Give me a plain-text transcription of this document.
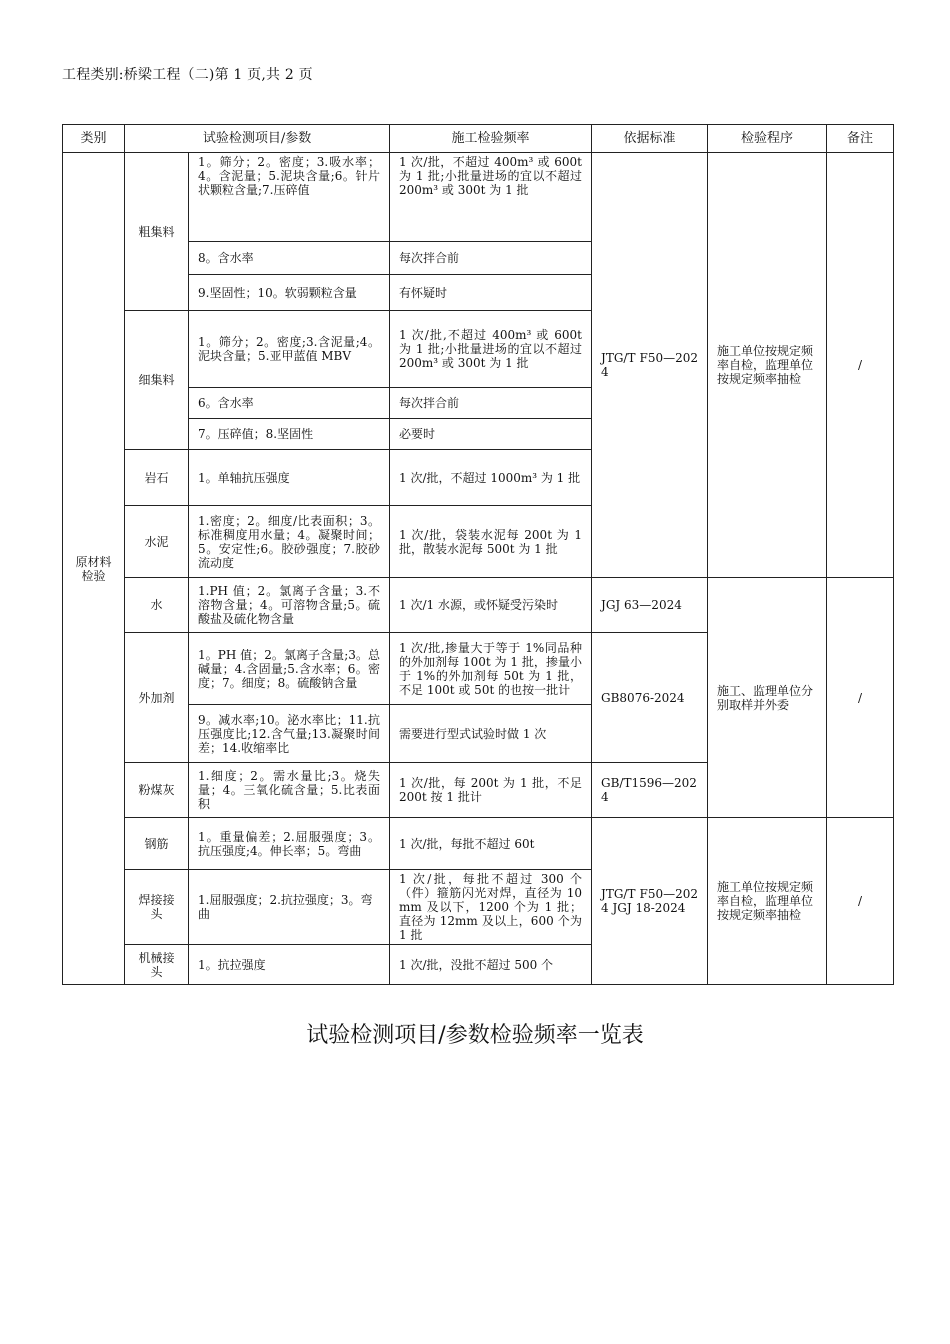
工程类别:桥梁工程（二)第 1 页,共 2 页
类别	试验检测项目/参数		施工检验频率	依据标准	检验程序	备注
原材料检验	粗集料	1。筛分；2。密度；3.吸水率；4。含泥量；5.泥块含量;6。针片状颗粒含量;7.压碎值	1 次/批，不超过 400m³ 或 600t 为 1 批;小批量进场的宜以不超过 200m³ 或 300t 为 1 批	JTG/T F50—2024	施工单位按规定频率自检，监理单位按规定频率抽检	/
		8。含水率	每次拌合前			
		9.坚固性；10。软弱颗粒含量	有怀疑时			
	细集料	1。筛分；2。密度;3.含泥量;4。泥块含量；5.亚甲蓝值 MBV	1 次/批,不超过 400m³ 或 600t 为 1 批;小批量进场的宜以不超过 200m³ 或 300t 为 1 批			
		6。含水率	每次拌合前			
		7。压碎值；8.坚固性	必要时			
	岩石	1。单轴抗压强度	1 次/批，不超过 1000m³ 为 1 批			
	水泥	1.密度；2。细度/比表面积；3。标准稠度用水量；4。凝聚时间；5。安定性;6。胶砂强度；7.胶砂流动度	1 次/批，袋装水泥每 200t 为 1 批，散装水泥每 500t 为 1 批			
	水	1.PH 值；2。氯离子含量；3.不溶物含量；4。可溶物含量;5。硫酸盐及硫化物含量	1 次/1 水源，或怀疑受污染时	JGJ 63—2024	施工、监理单位分别取样并外委	/
	外加剂	1。PH 值；2。氯离子含量;3。总碱量；4.含固量;5.含水率；6。密度；7。细度；8。硫酸钠含量	1 次/批,掺量大于等于 1%同品种的外加剂每 100t 为 1 批，掺量小于 1%的外加剂每 50t 为 1 批，不足 100t 或 50t 的也按一批计	GB8076-2024		
		9。减水率;10。泌水率比；11.抗压强度比;12.含气量;13.凝聚时间差；14.收缩率比	需要进行型式试验时做 1 次			
	粉煤灰	1.细度；2。需水量比;3。烧失量；4。三氧化硫含量；5.比表面积	1 次/批，每 200t 为 1 批，不足 200t 按 1 批计	GB/T1596—2024		
	钢筋	1。重量偏差；2.屈服强度；3。抗压强度;4。伸长率；5。弯曲	1 次/批，每批不超过 60t	JTG/T F50—2024 JGJ 18-2024	施工单位按规定频率自检，监理单位按规定频率抽检	/
	焊接接头	1.屈服强度；2.抗拉强度；3。弯曲	1 次/批，每批不超过 300 个（件）箍筋闪光对焊，直径为 10mm 及以下，1200 个为 1 批；直径为 12mm 及以上，600 个为 1 批			
	机械接头	1。抗拉强度	1 次/批，没批不超过 500 个			
试验检测项目/参数检验频率一览表
